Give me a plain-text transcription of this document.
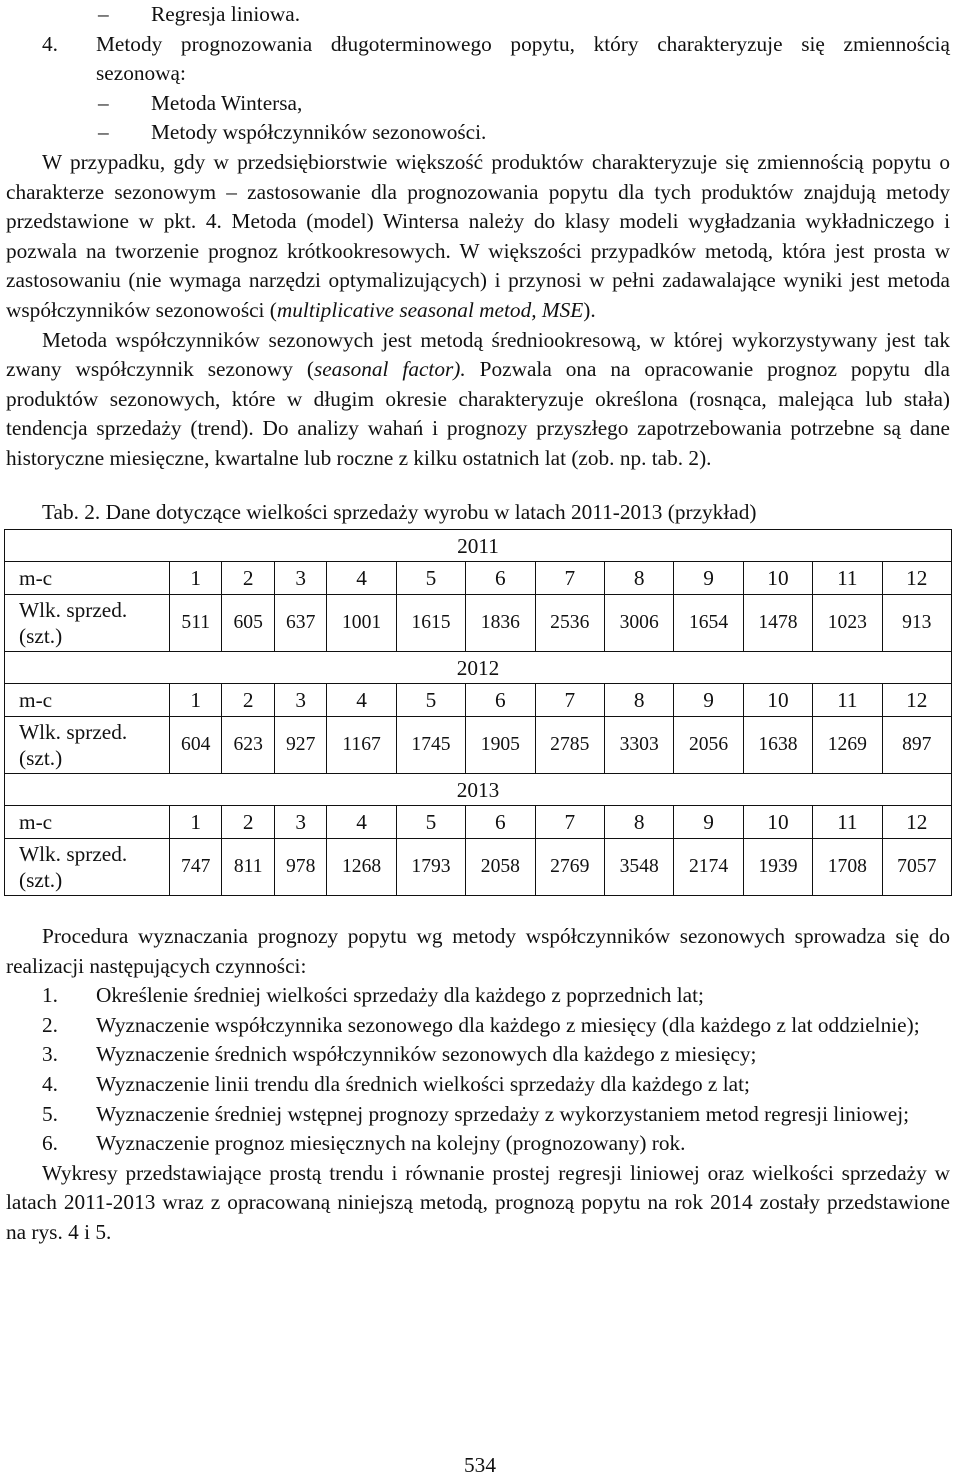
– Regresja liniowa.
4. Metody prognozowania długoterminowego popytu, który charakteryzuje się zmiennością sezonową:
– Metoda Wintersa,
– Metody współczynników sezonowości.

W przypadku, gdy w przedsiębiorstwie większość produktów charakteryzuje się zmiennością popytu o charakterze sezonowym – zastosowanie dla prognozowania popytu dla tych produktów znajdują metody przedstawione w pkt. 4. Metoda (model) Wintersa należy do klasy modeli wygładzania wykładniczego i pozwala na tworzenie prognoz krótkookresowych. W większości przypadków metodą, która jest prosta w zastosowaniu (nie wymaga narzędzi optymalizujących) i przynosi w pełni zadawalające wyniki jest metoda współczynników sezonowości (multiplicative seasonal metod, MSE).

Metoda współczynników sezonowych jest metodą średniookresową, w której wykorzystywany jest tak zwany współczynnik sezonowy (seasonal factor). Pozwala ona na opracowanie prognoz popytu dla produktów sezonowych, które w długim okresie charakteryzuje określona (rosnąca, malejąca lub stała) tendencja sprzedaży (trend). Do analizy wahań i prognozy przyszłego zapotrzebowania potrzebne są dane historyczne miesięczne, kwartalne lub roczne z kilku ostatnich lat (zob. np. tab. 2).

Tab. 2. Dane dotyczące wielkości sprzedaży wyrobu w latach 2011-2013 (przykład)
2011												
m-c	1	2	3	4	5	6	7	8	9	10	11	12

Wlk. sprzed.
(szt.)	511	605	637	1001	1615	1836	2536	3006	1654	1478	1023	913
2012												
m-c	1	2	3	4	5	6	7	8	9	10	11	12

Wlk. sprzed.
(szt.)	604	623	927	1167	1745	1905	2785	3303	2056	1638	1269	897
2013												
m-c	1	2	3	4	5	6	7	8	9	10	11	12

Wlk. sprzed.
(szt.)	747	811	978	1268	1793	2058	2769	3548	2174	1939	1708	7057

Procedura wyznaczania prognozy popytu wg metody współczynników sezonowych sprowadza się do realizacji następujących czynności:

1. Określenie średniej wielkości sprzedaży dla każdego z poprzednich lat;
2. Wyznaczenie współczynnika sezonowego dla każdego z miesięcy (dla każdego z lat oddzielnie);
3. Wyznaczenie średnich współczynników sezonowych dla każdego z miesięcy;
4. Wyznaczenie linii trendu dla średnich wielkości sprzedaży dla każdego z lat;
5. Wyznaczenie średniej wstępnej prognozy sprzedaży z wykorzystaniem metod regresji liniowej;
6. Wyznaczenie prognoz miesięcznych na kolejny (prognozowany) rok.

Wykresy przedstawiające prostą trendu i równanie prostej regresji liniowej oraz wielkości sprzedaży w latach 2011-2013 wraz z opracowaną niniejszą metodą, prognozą popytu na rok 2014 zostały przedstawione na rys. 4 i 5.

534
